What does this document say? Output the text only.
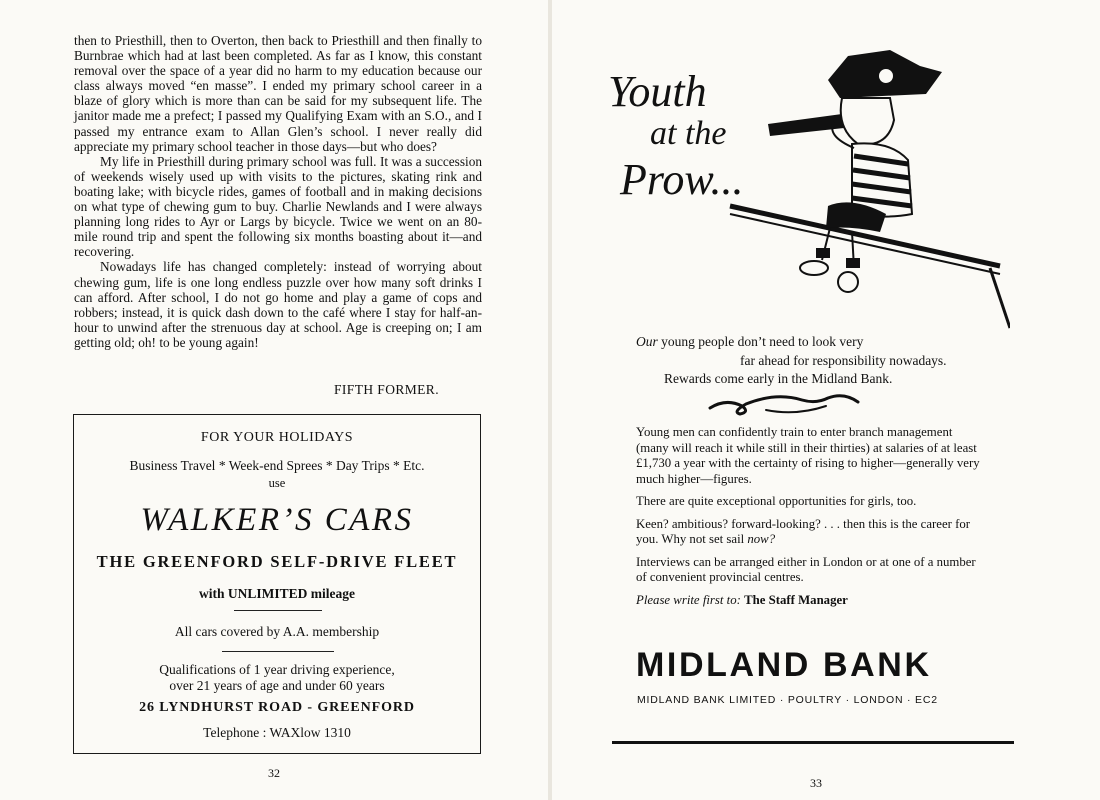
then to Priesthill, then to Overton, then back to Priesthill and then finally to Burnbrae which had at last been completed. As far as I know, this constant removal over the space of a year did no harm to my education because our class always moved “en masse”. I ended my primary school career in a blaze of glory which is more than can be said for my subsequent life. The janitor made me a prefect; I passed my Qualifying Exam with an S.O., and I passed my entrance exam to Allan Glen’s school. I never really did appreciate my primary school teacher in those days—but who does?

My life in Priesthill during primary school was full. It was a succession of weekends wisely used up with visits to the pictures, skating rink and boating lake; with bicycle rides, games of football and in making decisions on what type of chewing gum to buy. Charlie Newlands and I were always planning long rides to Ayr or Largs by bicycle. Twice we went on an 80-mile round trip and spent the following six months boasting about it—and recovering.

Nowadays life has changed completely: instead of worrying about chewing gum, life is one long endless puzzle over how many soft drinks I can afford. After school, I do not go home and play a game of cops and robbers; instead, it is quick dash down to the café where I stay for half-an-hour to unwind after the strenuous day at school. Age is creeping on; I am getting old; oh! to be young again!

FIFTH FORMER.
FOR YOUR HOLIDAYS
Business Travel * Week-end Sprees * Day Trips * Etc.
use
WALKER’S CARS
THE GREENFORD SELF-DRIVE FLEET
with UNLIMITED mileage
All cars covered by A.A. membership
Qualifications of 1 year driving experience,
over 21 years of age and under 60 years
26 LYNDHURST ROAD - GREENFORD
Telephone : WAXlow 1310
32
Youth
at the
Prow...
Our young people don’t need to look very
far ahead for responsibility nowadays.
Rewards come early in the Midland Bank.

Young men can confidently train to enter branch management (many will reach it while still in their thirties) at salaries of at least £1,730 a year with the certainty of rising to higher—generally very much higher—figures.

There are quite exceptional opportunities for girls, too.

Keen? ambitious? forward-looking? . . . then this is the career for you. Why not set sail now?

Interviews can be arranged either in London or at one of a number of convenient provincial centres.

Please write first to: The Staff Manager

MIDLAND BANK
MIDLAND BANK LIMITED · POULTRY · LONDON · EC2
33
